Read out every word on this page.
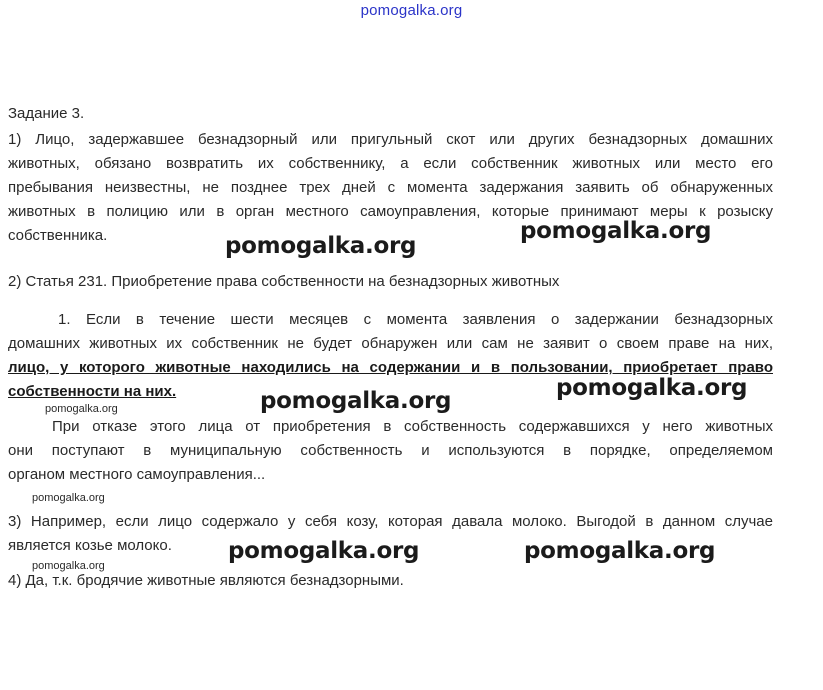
pomogalka.org
Задание 3.
1) Лицо, задержавшее безнадзорный или пригульный скот или других безнадзорных домашних
животных, обязано возвратить их собственнику, а если собственник животных или место его
пребывания неизвестны, не позднее трех дней с момента задержания заявить об обнаруженных
животных в полицию или в орган местного самоуправления, которые принимают меры к розыску
собственника.
2) Статья 231. Приобретение права собственности на безнадзорных животных
1. Если в течение шести месяцев с момента заявления о задержании безнадзорных
домашних животных их собственник не будет обнаружен или сам не заявит о своем праве на них,
лицо, у которого животные находились на содержании и в пользовании, приобретает право
собственности на них.
При отказе этого лица от приобретения в собственность содержавшихся у него животных
они поступают в муниципальную собственность и используются в порядке, определяемом
органом местного самоуправления...
3) Например, если лицо содержало у себя козу, которая давала молоко. Выгодой в данном случае
является козье молоко.
4) Да, т.к. бродячие животные являются безнадзорными.
pomogalka.org
pomogalka.org
pomogalka.org
pomogalka.org
pomogalka.org	pomogalka.org
pomogalka.org
pomogalka.org
pomogalka.org
